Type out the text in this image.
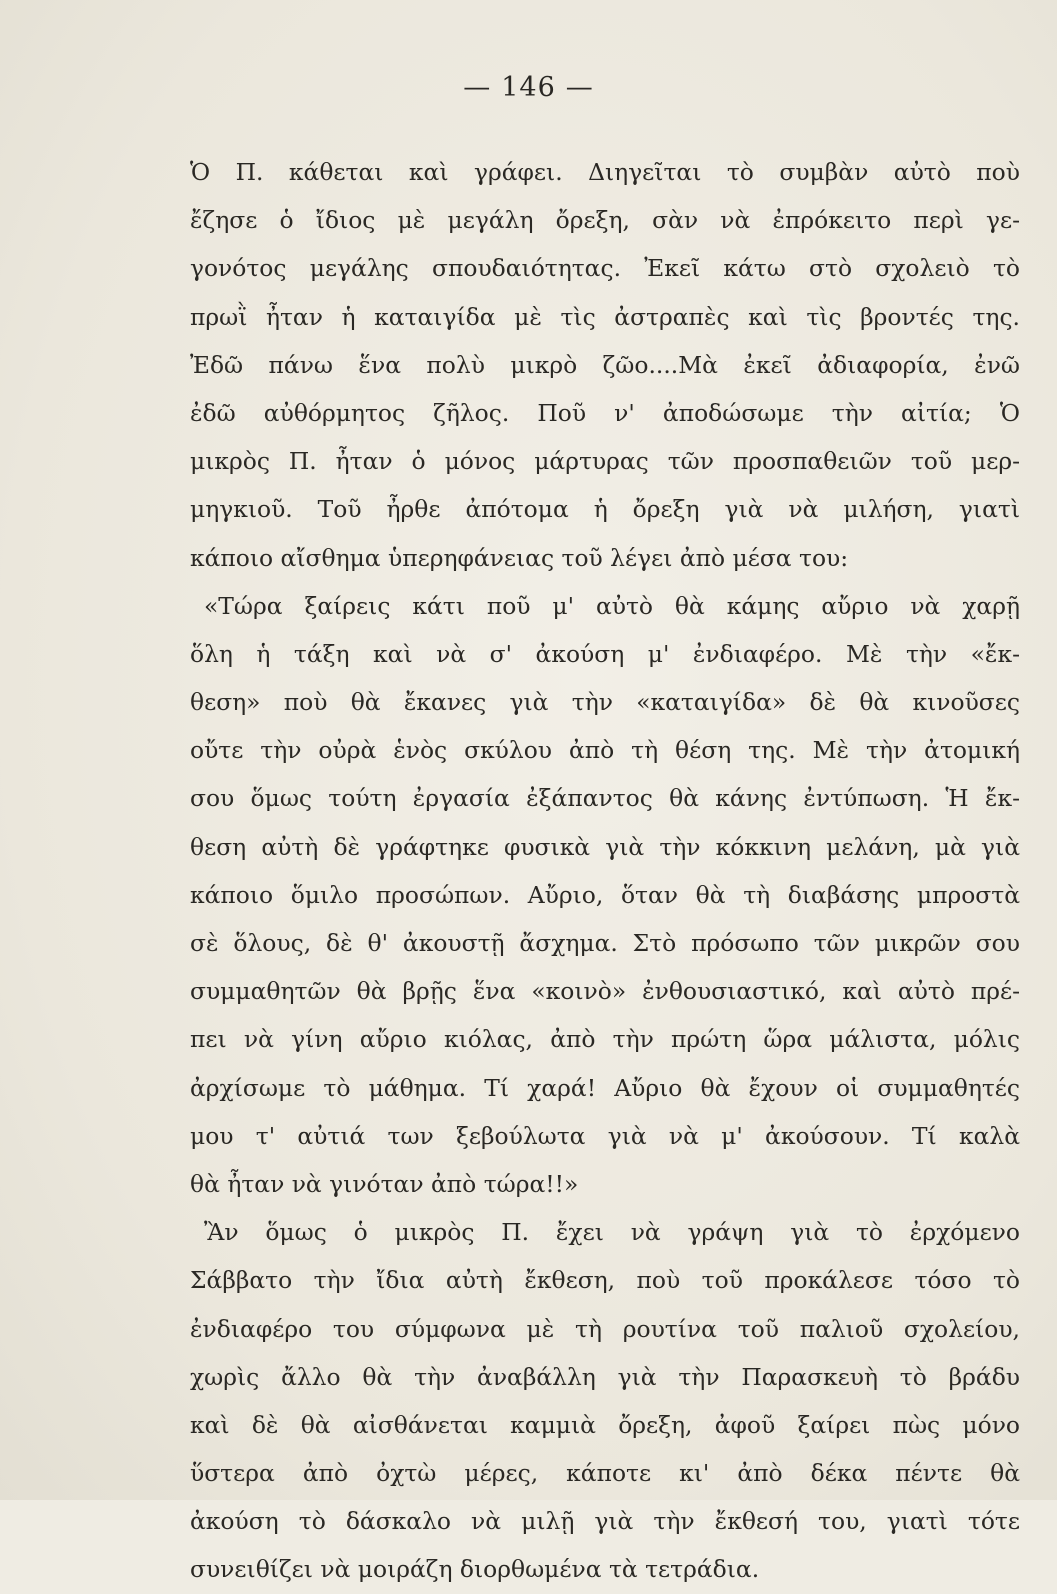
— 146 —
Ὁ Π. κάθεται καὶ γράφει. Διηγεῖται τὸ συμβὰν αὐτὸ ποὺ
ἔζησε ὁ ἴδιος μὲ μεγάλη ὄρεξη, σὰν νὰ ἐπρόκειτο περὶ γε-
γονότος μεγάλης σπουδαιότητας. Ἐκεῖ κάτω στὸ σχολειὸ τὸ
πρωῒ ἦταν ἡ καταιγίδα μὲ τὶς ἀστραπὲς καὶ τὶς βροντές της.
Ἐδῶ πάνω ἕνα πολὺ μικρὸ ζῶο....Μὰ ἐκεῖ ἀδιαφορία, ἐνῶ
ἐδῶ αὐθόρμητος ζῆλος. Ποῦ ν' ἀποδώσωμε τὴν αἰτία; Ὁ
μικρὸς Π. ἦταν ὁ μόνος μάρτυρας τῶν προσπαθειῶν τοῦ μερ-
μηγκιοῦ. Τοῦ ἦρθε ἀπότομα ἡ ὄρεξη γιὰ νὰ μιλήση, γιατὶ
κάποιο αἴσθημα ὑπερηφάνειας τοῦ λέγει ἀπὸ μέσα του:
«Τώρα ξαίρεις κάτι ποῦ μ' αὐτὸ θὰ κάμης αὔριο νὰ χαρῇ
ὅλη ἡ τάξη καὶ νὰ σ' ἀκούση μ' ἐνδιαφέρο. Μὲ τὴν «ἔκ-
θεση» ποὺ θὰ ἔκανες γιὰ τὴν «καταιγίδα» δὲ θὰ κινοῦσες
οὔτε τὴν οὐρὰ ἑνὸς σκύλου ἀπὸ τὴ θέση της. Μὲ τὴν ἀτομική
σου ὅμως τούτη ἐργασία ἐξάπαντος θὰ κάνης ἐντύπωση. Ἡ ἔκ-
θεση αὐτὴ δὲ γράφτηκε φυσικὰ γιὰ τὴν κόκκινη μελάνη, μὰ γιὰ
κάποιο ὅμιλο προσώπων. Αὔριο, ὅταν θὰ τὴ διαβάσης μπροστὰ
σὲ ὅλους, δὲ θ' ἀκουστῇ ἄσχημα. Στὸ πρόσωπο τῶν μικρῶν σου
συμμαθητῶν θὰ βρῇς ἕνα «κοινὸ» ἐνθουσιαστικό, καὶ αὐτὸ πρέ-
πει νὰ γίνη αὔριο κιόλας, ἀπὸ τὴν πρώτη ὥρα μάλιστα, μόλις
ἀρχίσωμε τὸ μάθημα. Τί χαρά! Αὔριο θὰ ἔχουν οἱ συμμαθητές
μου τ' αὐτιά των ξεβούλωτα γιὰ νὰ μ' ἀκούσουν. Τί καλὰ
θὰ ἦταν νὰ γινόταν ἀπὸ τώρα!!»
Ἂν ὅμως ὁ μικρὸς Π. ἔχει νὰ γράψη γιὰ τὸ ἐρχόμενο
Σάββατο τὴν ἴδια αὐτὴ ἔκθεση, ποὺ τοῦ προκάλεσε τόσο τὸ
ἐνδιαφέρο του σύμφωνα μὲ τὴ ρουτίνα τοῦ παλιοῦ σχολείου,
χωρὶς ἄλλο θὰ τὴν ἀναβάλλη γιὰ τὴν Παρασκευὴ τὸ βράδυ
καὶ δὲ θὰ αἰσθάνεται καμμιὰ ὄρεξη, ἀφοῦ ξαίρει πὼς μόνο
ὕστερα ἀπὸ ὀχτὼ μέρες, κάποτε κι' ἀπὸ δέκα πέντε θὰ
ἀκούση τὸ δάσκαλο νὰ μιλῇ γιὰ τὴν ἔκθεσή του, γιατὶ τότε
συνειθίζει νὰ μοιράζη διορθωμένα τὰ τετράδια.
